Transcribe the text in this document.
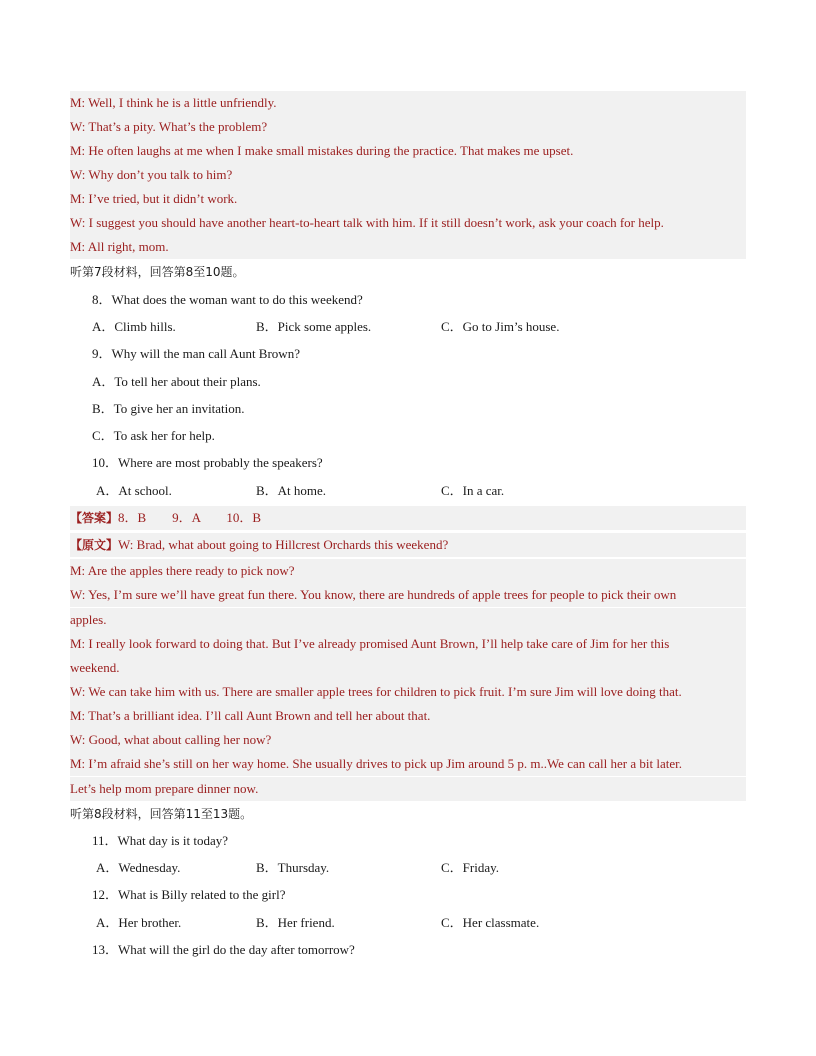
M: Well, I think he is a little unfriendly.
W: That’s a pity. What’s the problem?
M: He often laughs at me when I make small mistakes during the practice. That makes me upset.
W: Why don’t you talk to him?
M: I’ve tried, but it didn’t work.
W: I suggest you should have another heart-to-heart talk with him. If it still doesn’t work, ask your coach for help.
M: All right, mom.
听第7段材料，回答第8至10题。
8．What does the woman want to do this weekend?
A．Climb hills.	B．Pick some apples.	C．Go to Jim’s house.
9．Why will the man call Aunt Brown?
A．To tell her about their plans.
B．To give her an invitation.
C．To ask her for help.
10．Where are most probably the speakers?
A．At school.	B．At home.	C．In a car.
【答案】8．B　　9．A　　10．B
【原文】W: Brad, what about going to Hillcrest Orchards this weekend?
M: Are the apples there ready to pick now?
W: Yes, I’m sure we’ll have great fun there. You know, there are hundreds of apple trees for people to pick their own
apples.
M: I really look forward to doing that. But I’ve already promised Aunt Brown, I’ll help take care of Jim for her this
weekend.
W: We can take him with us. There are smaller apple trees for children to pick fruit. I’m sure Jim will love doing that.
M: That’s a brilliant idea. I’ll call Aunt Brown and tell her about that.
W: Good, what about calling her now?
M: I’m afraid she’s still on her way home. She usually drives to pick up Jim around 5 p. m..We can call her a bit later.
Let’s help mom prepare dinner now.
听第8段材料，回答第11至13题。
11．What day is it today?
A．Wednesday.	B．Thursday.	C．Friday.
12．What is Billy related to the girl?
A．Her brother.	B．Her friend.	C．Her classmate.
13．What will the girl do the day after tomorrow?
